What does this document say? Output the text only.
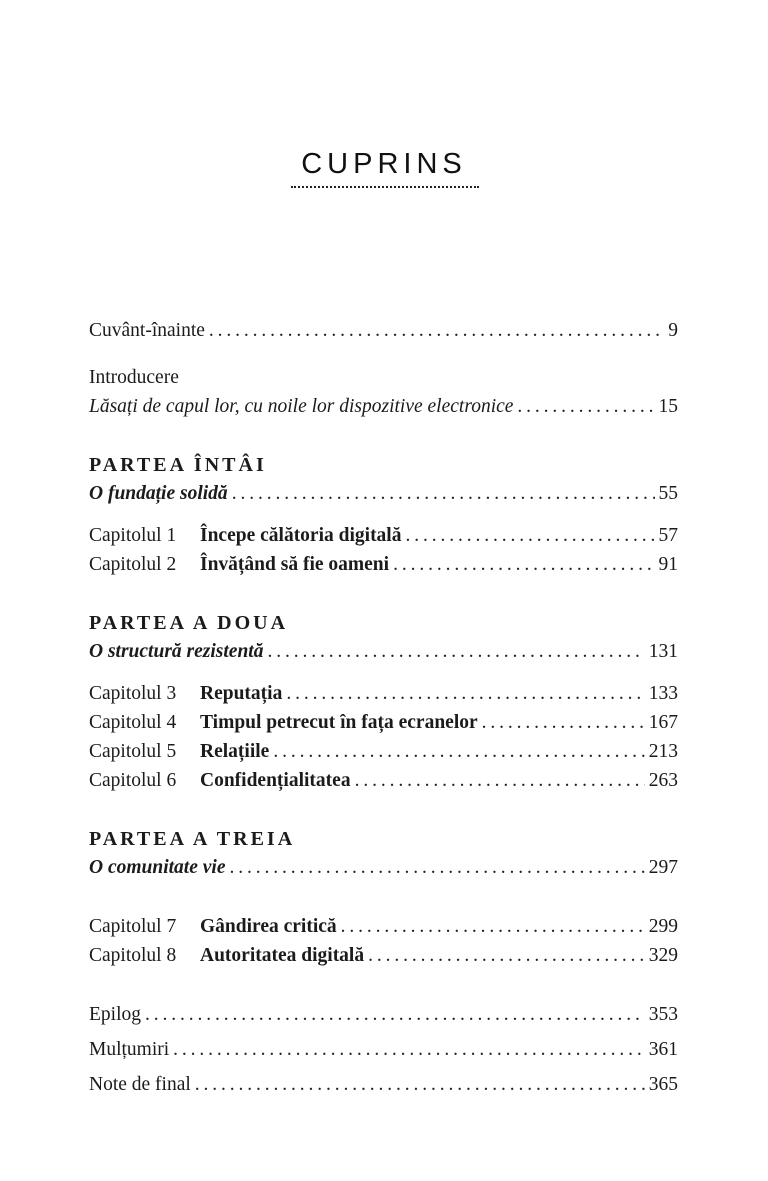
CUPRINS
Cuvânt-înainte . . .	9
Introducere
Lăsați de capul lor, cu noile lor dispozitive electronice . . .	15
PARTEA ÎNTÂI
O fundație solidă . . .	55
Capitolul 1	Începe călătoria digitală . . .	57
Capitolul 2	Învățând să fie oameni . . .	91
PARTEA A DOUA
O structură rezistentă . . .	131
Capitolul 3	Reputația . . .	133
Capitolul 4	Timpul petrecut în fața ecranelor . . .	167
Capitolul 5	Relațiile . . .	213
Capitolul 6	Confidențialitatea . . .	263
PARTEA A TREIA
O comunitate vie . . .	297
Capitolul 7	Gândirea critică . . .	299
Capitolul 8	Autoritatea digitală . . .	329
Epilog . . .	353
Mulțumiri . . .	361
Note de final . . .	365
